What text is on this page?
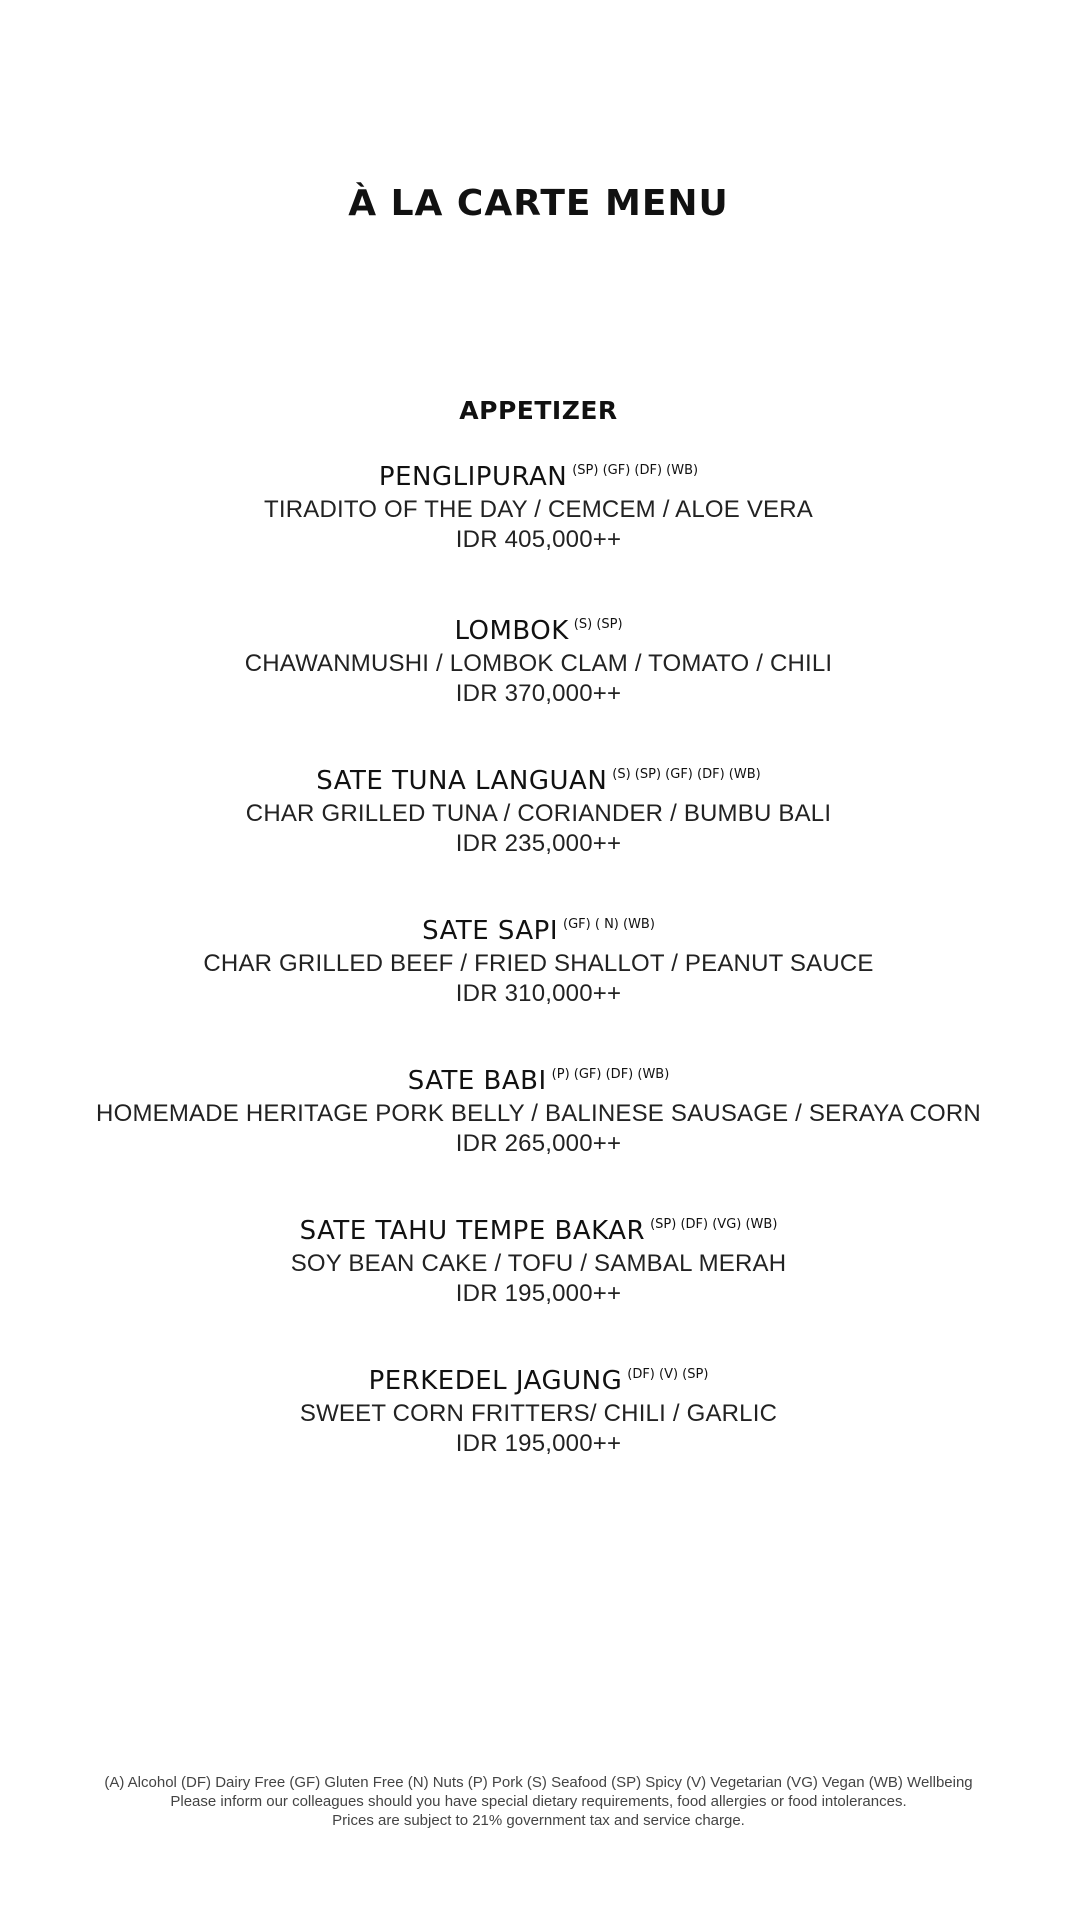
À LA CARTE MENU
APPETIZER
PENGLIPURAN $^{(SP) (GF) (DF) (WB)}$
TIRADITO OF THE DAY / CEMCEM / ALOE VERA
IDR 405,000++
LOMBOK $^{(S) (SP)}$
CHAWANMUSHI / LOMBOK CLAM / TOMATO / CHILI
IDR 370,000++
SATE TUNA LANGUAN $^{(S) (SP) (GF) (DF) (WB)}$
CHAR GRILLED TUNA / CORIANDER / BUMBU BALI
IDR 235,000++
SATE SAPI $^{(GF) ( N) (WB)}$
CHAR GRILLED BEEF / FRIED SHALLOT / PEANUT SAUCE
IDR 310,000++
SATE BABI $^{(P) (GF) (DF) (WB)}$
HOMEMADE HERITAGE PORK BELLY / BALINESE SAUSAGE / SERAYA CORN
IDR 265,000++
SATE TAHU TEMPE BAKAR $^{(SP) (DF) (VG) (WB)}$
SOY BEAN CAKE / TOFU / SAMBAL MERAH
IDR 195,000++
PERKEDEL JAGUNG $^{(DF) (V) (SP)}$
SWEET CORN FRITTERS/ CHILI / GARLIC
IDR 195,000++
(A) Alcohol (DF) Dairy Free (GF) Gluten Free (N) Nuts (P) Pork (S) Seafood (SP) Spicy (V) Vegetarian (VG) Vegan (WB) Wellbeing
Please inform our colleagues should you have special dietary requirements, food allergies or food intolerances.
Prices are subject to 21% government tax and service charge.
